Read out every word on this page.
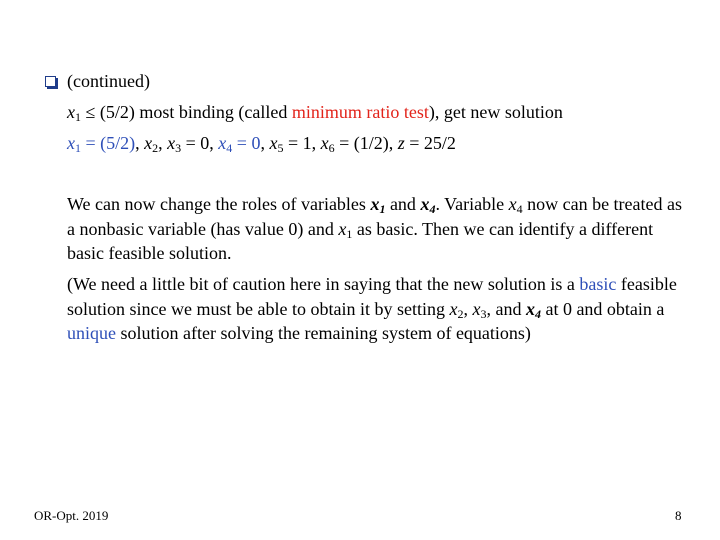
(continued)
$x_1 \le (5/2)$ most binding (called minimum ratio test), get new solution
$x_1 = (5/2)$, $x_2$, $x_3 = 0$, $x_4 = 0$, $x_5 = 1$, $x_6 = (1/2)$, z = 25/2
We can now change the roles of variables $x_1$ and $x_4$. Variable $x_4$ now can be treated as a nonbasic variable (has value 0) and $x_1$ as basic. Then we can identify a different basic feasible solution.
(We need a little bit of caution here in saying that the new solution is a basic feasible solution since we must be able to obtain it by setting $x_2$, $x_3$, and $x_4$ at 0 and obtain a unique solution after solving the remaining system of equations)
OR-Opt. 2019	8
